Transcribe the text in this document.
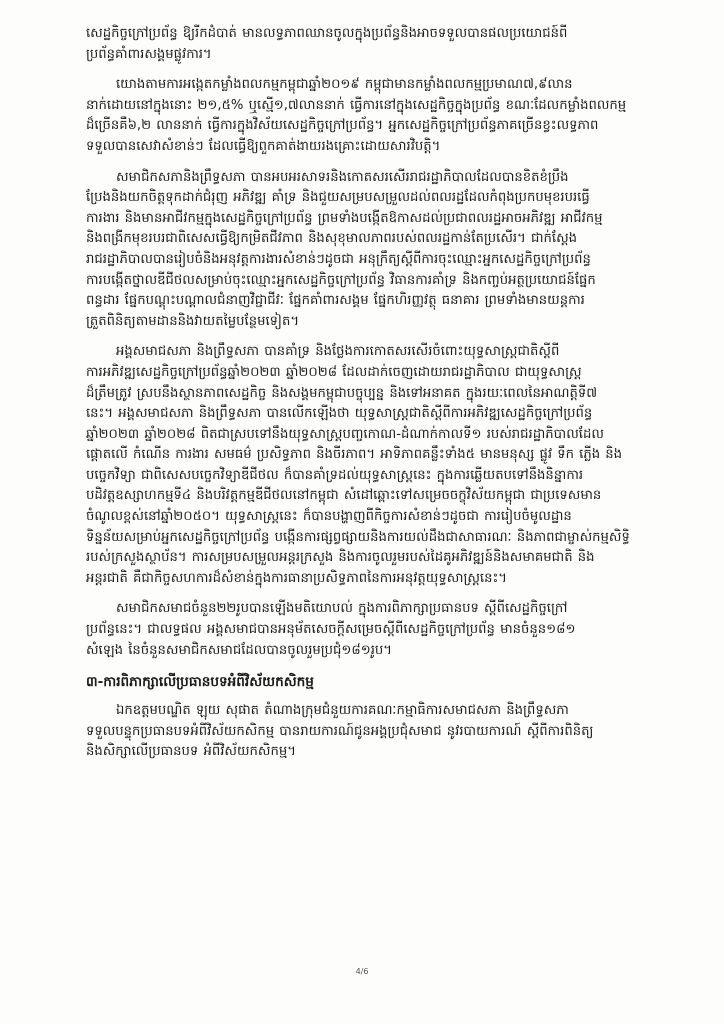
សេដ្ឋកិច្ចក្រៅប្រព័ន្ធ ឱ្យរីកដំបាត់ មានលទ្ធភាពឈានចូលក្នុងប្រព័ន្ធនិងអាចទទួលបានផលប្រយោជន៍ពី
ប្រព័ន្ធគាំពារសង្គមផ្លូវការ។
យោងតាមការអង្កេតកម្លាំងពលកម្មកម្ពុជាឆ្នាំ២០១៩ កម្ពុជាមានកម្លាំងពលកម្មប្រមាណ៧,៩លាន
នាក់ដោយនៅក្នុងនោះ ២១,៥% ឬស្មើ១,៧លាននាក់ ធ្វើការនៅក្នុងសេដ្ឋកិច្ចក្នុងប្រព័ន្ធ ខណៈដែលកម្លាំងពលកម្ម
ដ៏ច្រើនគឺ៦,២ លាននាក់ ធ្វើការក្នុងវិស័យសេដ្ឋកិច្ចក្រៅប្រព័ន្ធ។ អ្នកសេដ្ឋកិច្ចក្រៅប្រព័ន្ធភាគច្រើនខ្វះលទ្ធភាព
ទទួលបានសេវាសំខាន់ៗ ដែលធ្វើឱ្យពួកគាត់ងាយរងគ្រោះដោយសារវិបត្តិ។
សមាជិកសភានិងព្រឹទ្ធសភា បានអបអរសាទរនិងកោតសរសើររាជរដ្ឋាភិបាលដែលបានខិតខំប្រឹង
ប្រែងនិងយកចិត្តទុកដាក់ជំរុញ អភិវឌ្ឍ គាំទ្រ និងជួយសម្របសម្រួលដល់ពលរដ្ឋដែលកំពុងប្រកបមុខរបរធ្វើ
ការងារ និងមានអាជីវកម្មក្នុងសេដ្ឋកិច្ចក្រៅប្រព័ន្ធ ព្រមទាំងបង្កើតឱកាសដល់ប្រជាពលរដ្ឋអាចអភិវឌ្ឍ អាជីវកម្ម
និងពង្រីកមុខរបរជាពិសេសធ្វើឱ្យកម្រិតជីវភាព និងសុខុមាលភាពរបស់ពលរដ្ឋកាន់តែប្រសើរ។ ជាក់ស្តែង
រាជរដ្ឋាភិបាលបានរៀបចំនិងអនុវត្តការងារសំខាន់ៗដូចជា អនុក្រឹត្យស្តីពីការចុះឈ្មោះអ្នកសេដ្ឋកិច្ចក្រៅប្រព័ន្ធ
ការបង្កើតថ្នាលឌីជីថលសម្រាប់ចុះឈ្មោះអ្នកសេដ្ឋកិច្ចក្រៅប្រព័ន្ធ វិធានការគាំទ្រ និងកញ្ចប់អត្ថប្រយោជន៍ផ្នែក
ពន្ធដារ ផ្នែកបណ្តុះបណ្តាលជំនាញវិជ្ជាជីវៈ ផ្នែកគាំពារសង្គម ផ្នែកហិរញ្ញវត្ថុ ធនាគារ ព្រមទាំងមានយន្តការ
ត្រួតពិនិត្យតាមដាននិងវាយតម្លៃបន្ថែមទៀត។
អង្គសមាជសភា និងព្រឹទ្ធសភា បានគាំទ្រ និងថ្លែងការកោតសរសើរចំពោះយុទ្ធសាស្ត្រជាតិស្តីពី
ការអភិវឌ្ឍសេដ្ឋកិច្ចក្រៅប្រព័ន្ធឆ្នាំ២០២៣ ឆ្នាំ២០២៨ ដែលដាក់ចេញដោយរាជរដ្ឋាភិបាល ជាយុទ្ធសាស្ត្រ
ដ៏ត្រឹមត្រូវ ស្របនឹងស្ថានភាពសេដ្ឋកិច្ច និងសង្គមកម្ពុជាបច្ចុប្បន្ន និងទៅអនាគត ក្នុងរយៈពេលនៃអាណត្តិទី៧
នេះ។ អង្គសមាជសភា និងព្រឹទ្ធសភា បានលើកឡើងថា យុទ្ធសាស្ត្រជាតិស្តីពីការអភិវឌ្ឍសេដ្ឋកិច្ចក្រៅប្រព័ន្ធ
ឆ្នាំ២០២៣ ឆ្នាំ២០២៨ ពិតជាស្របទៅនឹងយុទ្ធសាស្ត្របញ្ចកោណ-ដំណាក់កាលទី១ របស់រាជរដ្ឋាភិបាលដែល
ផ្តោតលើ កំណើន ការងារ សមធម៌ ប្រសិទ្ធភាព និងចីរភាព។ អាទិភាពគន្លឹះទាំង៥ មានមនុស្ស ផ្លូវ ទឹក ភ្លើង និង
បច្ចេកវិទ្យា ជាពិសេសបច្ចេកវិទ្យាឌីជីថល ក៏បានគាំទ្រដល់យុទ្ធសាស្ត្រនេះ ក្នុងការឆ្លើយតបទៅនឹងនិន្នាការ
បដិវត្តឧស្សាហកម្មទី៤ និងបរិវត្តកម្មឌីជីថលនៅកម្ពុជា សំដៅឆ្ពោះទៅសម្រេចចក្ខុវិស័យកម្ពុជា ជាប្រទេសមាន
ចំណូលខ្ពស់នៅឆ្នាំ២០៥០។ យុទ្ធសាស្ត្រនេះ ក៏បានបង្ហាញពីកិច្ចការសំខាន់ៗដូចជា ការរៀបចំមូលដ្ឋាន
ទិន្នន័យសម្រាប់អ្នកសេដ្ឋកិច្ចក្រៅប្រព័ន្ធ បង្កើនការផ្សព្វផ្សាយនិងការយល់ដឹងជាសាធារណៈ និងភាពជាម្ចាស់កម្មសិទ្ធិ
របស់ក្រសួងស្ថាប័ន។ ការសម្របសម្រួលអន្តរក្រសួង និងការចូលរួមរបស់ដៃគូអភិវឌ្ឍន៍និងសមាគមជាតិ និង
អន្តរជាតិ គឺជាកិច្ចសហការដ៏សំខាន់ក្នុងការធានាប្រសិទ្ធភាពនៃការអនុវត្តយុទ្ធសាស្ត្រនេះ។
សមាជិកសមាជចំនួន២២រូបបានឡើងមតិយោបល់ ក្នុងការពិភាក្សាប្រធានបទ ស្តីពីសេដ្ឋកិច្ចក្រៅ
ប្រព័ន្ធនេះ។ ជាលទ្ធផល អង្គសមាជបានអនុម័តសេចក្តីសម្រេចស្តីពីសេដ្ឋកិច្ចក្រៅប្រព័ន្ធ មានចំនួន១៨១
សំឡេង នៃចំនួនសមាជិកសមាជដែលបានចូលរួមប្រជុំ១៨១រូប។
៣-ការពិភាក្សាលើប្រធានបទអំពីវិស័យកសិកម្ម
ឯកឧត្តមបណ្ឌិត ឡុយ សុផាត តំណាងក្រុមជំនួយការគណៈកម្មាធិការសមាជសភា និងព្រឹទ្ធសភា
ទទួលបន្ទុកប្រធានបទអំពីវិស័យកសិកម្ម បានរាយការណ៍ជូនអង្គប្រជុំសមាជ នូវរបាយការណ៍ ស្តីពីការពិនិត្យ
និងសិក្សាលើប្រធានបទ អំពីវិស័យកសិកម្ម។
4/6
